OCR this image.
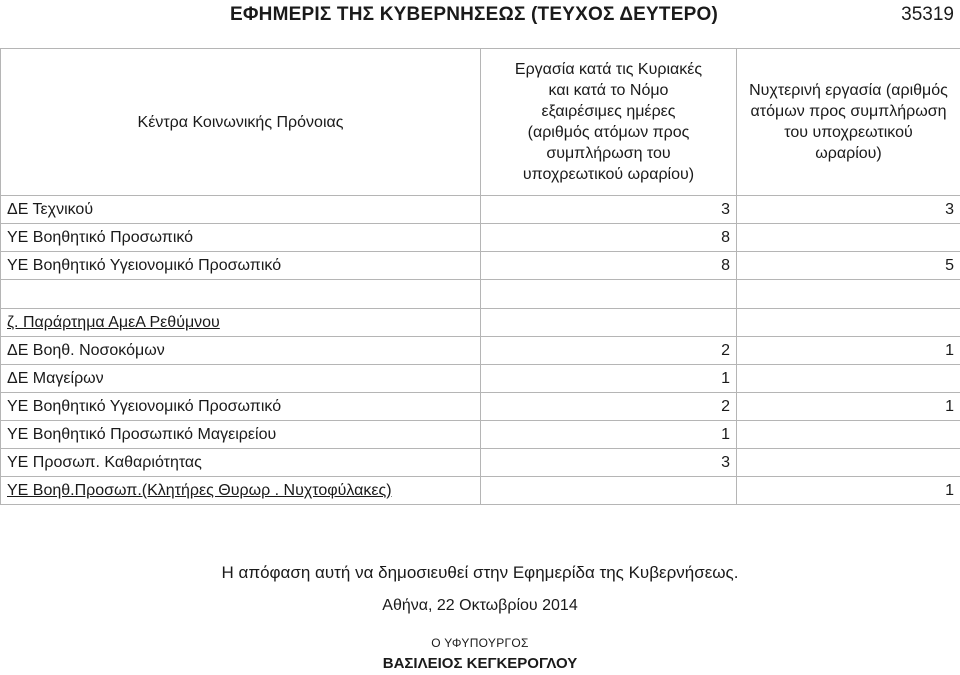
ΕΦΗΜΕΡΙΣ ΤΗΣ ΚΥΒΕΡΝΗΣΕΩΣ (ΤΕΥΧΟΣ ΔΕΥΤΕΡΟ)	35319
Κέντρα Κοινωνικής Πρόνοιας	Εργασία κατά τις Κυριακές και κατά το Νόμο εξαιρέσιμες ημέρες (αριθμός ατόμων προς συμπλήρωση του υποχρεωτικού ωραρίου)	Νυχτερινή εργασία (αριθμός ατόμων προς συμπλήρωση του υποχρεωτικού ωραρίου)
ΔΕ Τεχνικού	3	3
ΥΕ Βοηθητικό Προσωπικό	8	
ΥΕ Βοηθητικό Υγειονομικό Προσωπικό	8	5

ζ. Παράρτημα ΑμεΑ Ρεθύμνου		
ΔΕ Βοηθ. Νοσοκόμων	2	1
ΔΕ Μαγείρων	1	
ΥΕ Βοηθητικό Υγειονομικό Προσωπικό	2	1
ΥΕ Βοηθητικό Προσωπικό Μαγειρείου	1	
ΥΕ Προσωπ. Καθαριότητας	3	
ΥΕ Βοηθ.Προσωπ.(Κλητήρες Θυρωρ . Νυχτοφύλακες)		1
Η απόφαση αυτή να δημοσιευθεί στην Εφημερίδα της Κυβερνήσεως.
Αθήνα, 22 Οκτωβρίου 2014
Ο ΥΦΥΠΟΥΡΓΟΣ
ΒΑΣΙΛΕΙΟΣ ΚΕΓΚΕΡΟΓΛΟΥ
